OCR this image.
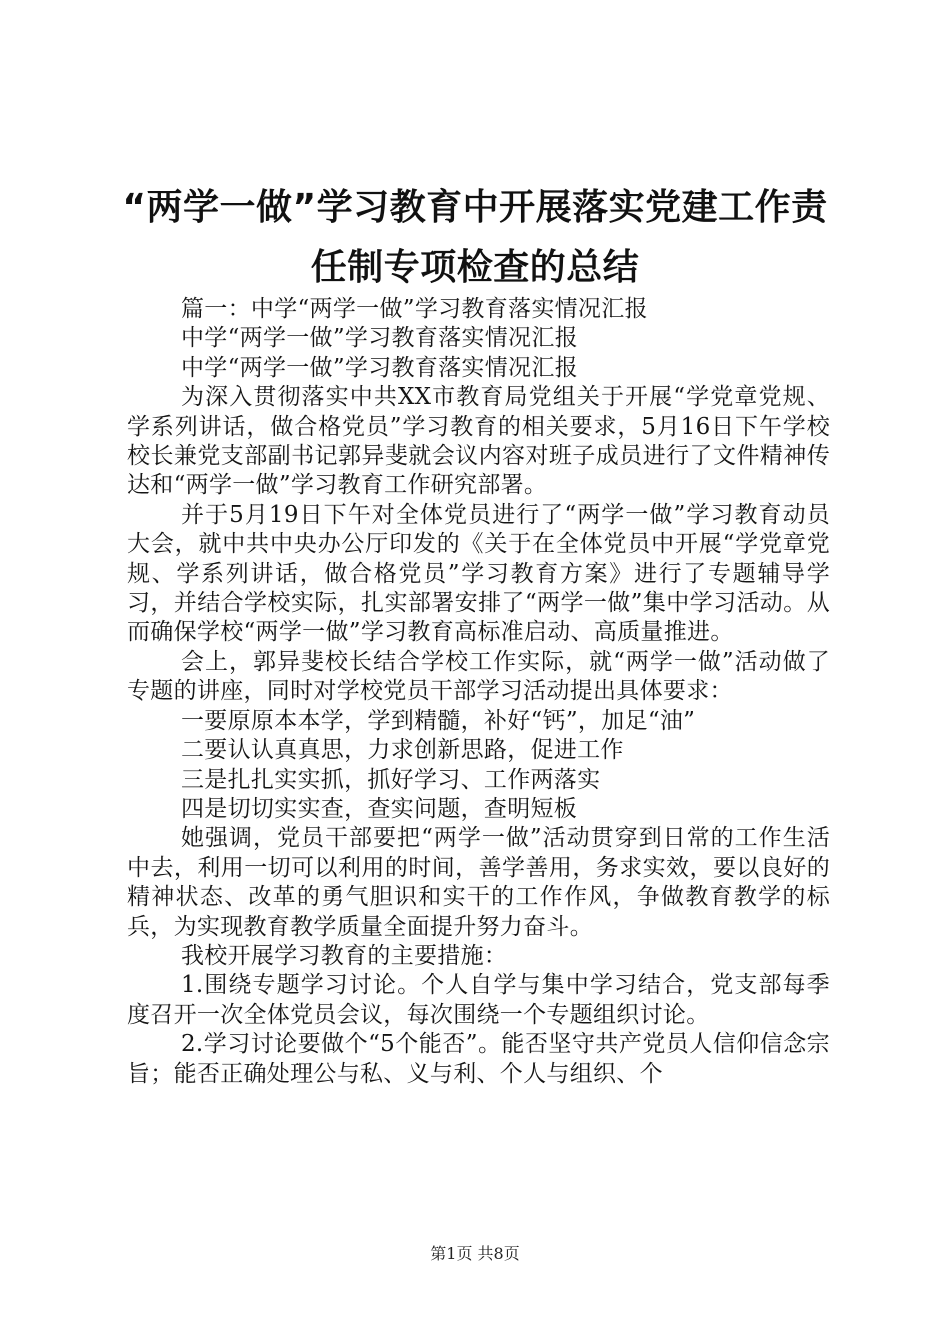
“两学一做”学习教育中开展落实党建工作责
任制专项检查的总结

篇一：中学“两学一做”学习教育落实情况汇报

中学“两学一做”学习教育落实情况汇报

中学“两学一做”学习教育落实情况汇报

为深入贯彻落实中共XX市教育局党组关于开展“学党章党规、学系列讲话，做合格党员”学习教育的相关要求，5月16日下午学校校长兼党支部副书记郭异斐就会议内容对班子成员进行了文件精神传达和“两学一做”学习教育工作研究部署。

并于5月19日下午对全体党员进行了“两学一做”学习教育动员大会，就中共中央办公厅印发的《关于在全体党员中开展“学党章党规、学系列讲话，做合格党员”学习教育方案》进行了专题辅导学习，并结合学校实际，扎实部署安排了“两学一做”集中学习活动。从而确保学校“两学一做”学习教育高标准启动、高质量推进。

会上，郭异斐校长结合学校工作实际，就“两学一做”活动做了专题的讲座，同时对学校党员干部学习活动提出具体要求：

一要原原本本学，学到精髓，补好“钙”，加足“油”

二要认认真真思，力求创新思路，促进工作

三是扎扎实实抓，抓好学习、工作两落实

四是切切实实查，查实问题，查明短板

她强调，党员干部要把“两学一做”活动贯穿到日常的工作生活中去，利用一切可以利用的时间，善学善用，务求实效，要以良好的精神状态、改革的勇气胆识和实干的工作作风，争做教育教学的标兵，为实现教育教学质量全面提升努力奋斗。

我校开展学习教育的主要措施：

1.围绕专题学习讨论。个人自学与集中学习结合，党支部每季度召开一次全体党员会议，每次围绕一个专题组织讨论。

2.学习讨论要做个“5个能否”。能否坚守共产党员人信仰信念宗旨；能否正确处理公与私、义与利、个人与组织、个

第1页 共8页
